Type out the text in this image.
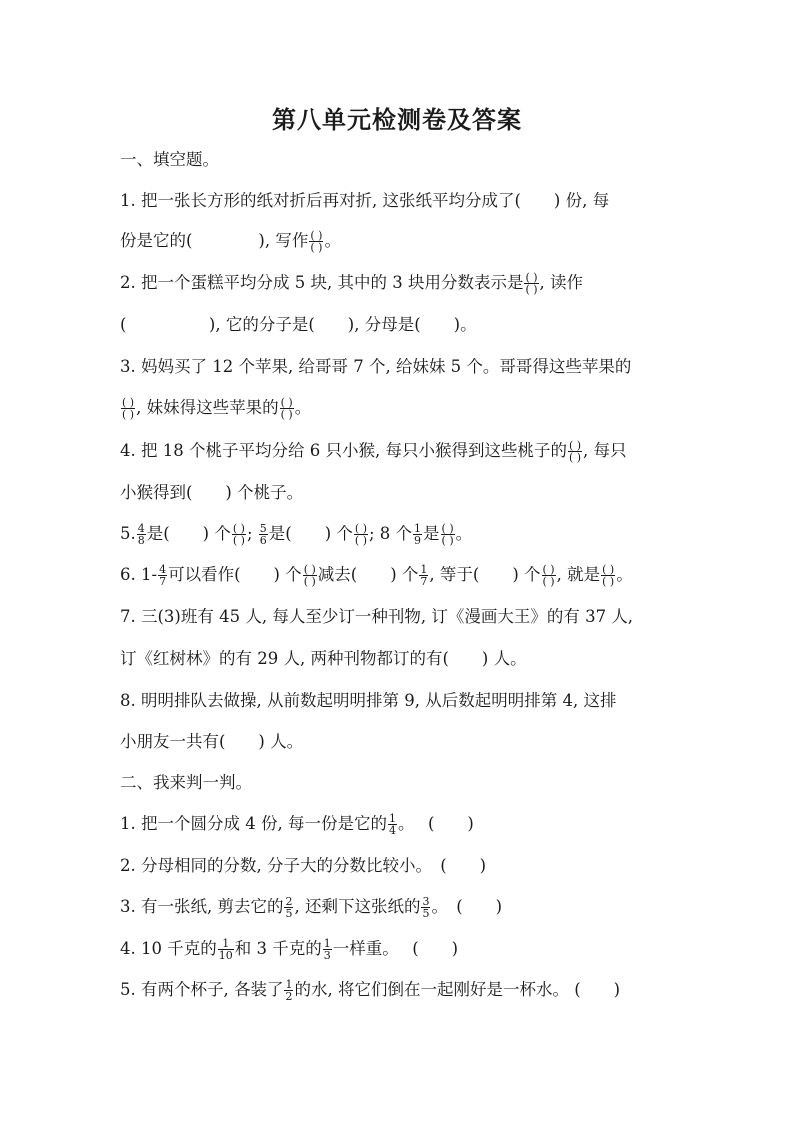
第八单元检测卷及答案
一、填空题。
1. 把一张长方形的纸对折后再对折, 这张纸平均分成了(　　) 份, 每
份是它的(　　　　), 写作 $\frac{( )}{( )}$ 。
2. 把一个蛋糕平均分成 5 块, 其中的 3 块用分数表示是 $\frac{( )}{( )}$ , 读作
(　　　　　), 它的分子是(　　), 分母是(　　)。
3. 妈妈买了 12 个苹果, 给哥哥 7 个, 给妹妹 5 个。哥哥得这些苹果的
$\frac{( )}{( )}$ , 妹妹得这些苹果的 $\frac{( )}{( )}$ 。
4. 把 18 个桃子平均分给 6 只小猴, 每只小猴得到这些桃子的 $\frac{( )}{( )}$ , 每只
小猴得到(　　) 个桃子。
5. $\frac{4}{8}$ 是(　　) 个 $\frac{( )}{( )}$ ; $\frac{5}{6}$ 是(　　) 个 $\frac{( )}{( )}$ ; 8 个 $\frac{1}{9}$ 是 $\frac{( )}{( )}$ 。
6. $1- \frac{4}{7}$ 可以看作(　　) 个 $\frac{( )}{( )}$ 减去(　　) 个 $\frac{1}{7}$ , 等于(　　) 个 $\frac{( )}{( )}$ , 就是 $\frac{( )}{( )}$ 。
7. 三(3)班有 45 人, 每人至少订一种刊物, 订《漫画大王》的有 37 人,
订《红树林》的有 29 人, 两种刊物都订的有(　　) 人。
8. 明明排队去做操, 从前数起明明排第 9, 从后数起明明排第 4, 这排
小朋友一共有(　　) 人。
二、我来判一判。
1. 把一个圆分成 4 份, 每一份是它的 $\frac{1}{4}$ 。　 (　　)
2. 分母相同的分数, 分子大的分数比较小。　(　　)
3. 有一张纸, 剪去它的 $\frac{2}{5}$ , 还剩下这张纸的 $\frac{3}{5}$ 。　(　　)
4. 10 千克的 $\frac{1}{10}$ 和 3 千克的 $\frac{1}{3}$ 一样重。　 (　　)
5. 有两个杯子, 各装了 $\frac{1}{2}$ 的水, 将它们倒在一起刚好是一杯水。 (　　)
